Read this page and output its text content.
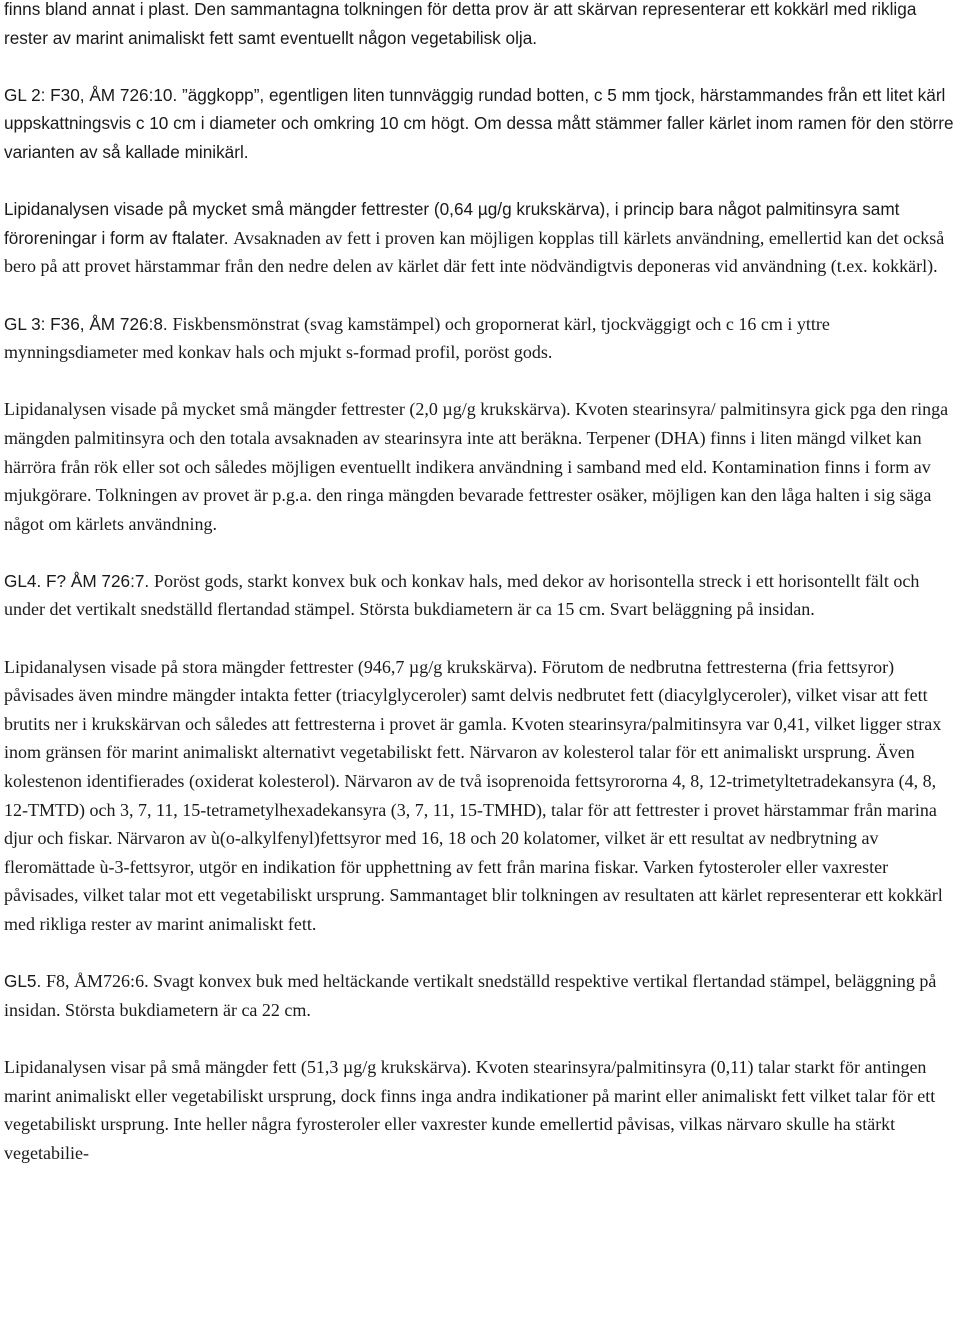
finns bland annat i plast. Den sammantagna tolkningen för detta prov är att skärvan representerar ett kokkärl med rikliga rester av marint animaliskt fett samt eventuellt någon vegetabilisk olja.

GL 2: F30, ÅM 726:10. ”äggkopp”, egentligen liten tunnväggig rundad botten, c 5 mm tjock, härstammandes från ett litet kärl uppskattningsvis c 10 cm i diameter och omkring 10 cm högt. Om dessa mått stämmer faller kärlet inom ramen för den större varianten av så kallade minikärl.

Lipidanalysen visade på mycket små mängder fettrester (0,64 µg/g krukskärva), i princip bara något palmitinsyra samt föroreningar i form av ftalater. Avsaknaden av fett i proven kan möjligen kopplas till kärlets användning, emellertid kan det också bero på att provet härstammar från den nedre delen av kärlet där fett inte nödvändigtvis deponeras vid användning (t.ex. kokkärl).

GL 3: F36, ÅM 726:8. Fiskbensmönstrat (svag kamstämpel) och gropornerat kärl, tjockväggigt och c 16 cm i yttre mynningsdiameter med konkav hals och mjukt s-formad profil, poröst gods.

Lipidanalysen visade på mycket små mängder fettrester (2,0 µg/g krukskärva). Kvoten stearinsyra/ palmitinsyra gick pga den ringa mängden palmitinsyra och den totala avsaknaden av stearinsyra inte att beräkna. Terpener (DHA) finns i liten mängd vilket kan härröra från rök eller sot och således möjligen eventuellt indikera användning i samband med eld. Kontamination finns i form av mjukgörare. Tolkningen av provet är p.g.a. den ringa mängden bevarade fettrester osäker, möjligen kan den låga halten i sig säga något om kärlets användning.

GL4. F? ÅM 726:7. Poröst gods, starkt konvex buk och konkav hals, med dekor av horisontella streck i ett horisontellt fält och under det vertikalt snedställd flertandad stämpel. Största bukdiametern är ca 15 cm. Svart beläggning på insidan.

Lipidanalysen visade på stora mängder fettrester (946,7 µg/g krukskärva). Förutom de nedbrutna fettresterna (fria fettsyror) påvisades även mindre mängder intakta fetter (triacylglyceroler) samt delvis nedbrutet fett (diacylglyceroler), vilket visar att fett brutits ner i krukskärvan och således att fettresterna i provet är gamla. Kvoten stearinsyra/palmitinsyra var 0,41, vilket ligger strax inom gränsen för marint animaliskt alternativt vegetabiliskt fett. Närvaron av kolesterol talar för ett animaliskt ursprung. Även kolestenon identifierades (oxiderat kolesterol). Närvaron av de två isoprenoida fettsyrororna 4, 8, 12-trimetyltetradekansyra (4, 8, 12-TMTD) och 3, 7, 11, 15-tetrametylhexadekansyra (3, 7, 11, 15-TMHD), talar för att fettrester i provet härstammar från marina djur och fiskar. Närvaron av ù(o-alkylfenyl)fettsyror med 16, 18 och 20 kolatomer, vilket är ett resultat av nedbrytning av fleromättade ù-3-fettsyror, utgör en indikation för upphettning av fett från marina fiskar. Varken fytosteroler eller vaxrester påvisades, vilket talar mot ett vegetabiliskt ursprung. Sammantaget blir tolkningen av resultaten att kärlet representerar ett kokkärl med rikliga rester av marint animaliskt fett.

GL5. F8, ÅM726:6. Svagt konvex buk med heltäckande vertikalt snedställd respektive vertikal flertandad stämpel, beläggning på insidan. Största bukdiametern är ca 22 cm.

Lipidanalysen visar på små mängder fett (51,3 µg/g krukskärva). Kvoten stearinsyra/palmitinsyra (0,11) talar starkt för antingen marint animaliskt eller vegetabiliskt ursprung, dock finns inga andra indikationer på marint eller animaliskt fett vilket talar för ett vegetabiliskt ursprung. Inte heller några fyrosteroler eller vaxrester kunde emellertid påvisas, vilkas närvaro skulle ha stärkt vegetabilie-
